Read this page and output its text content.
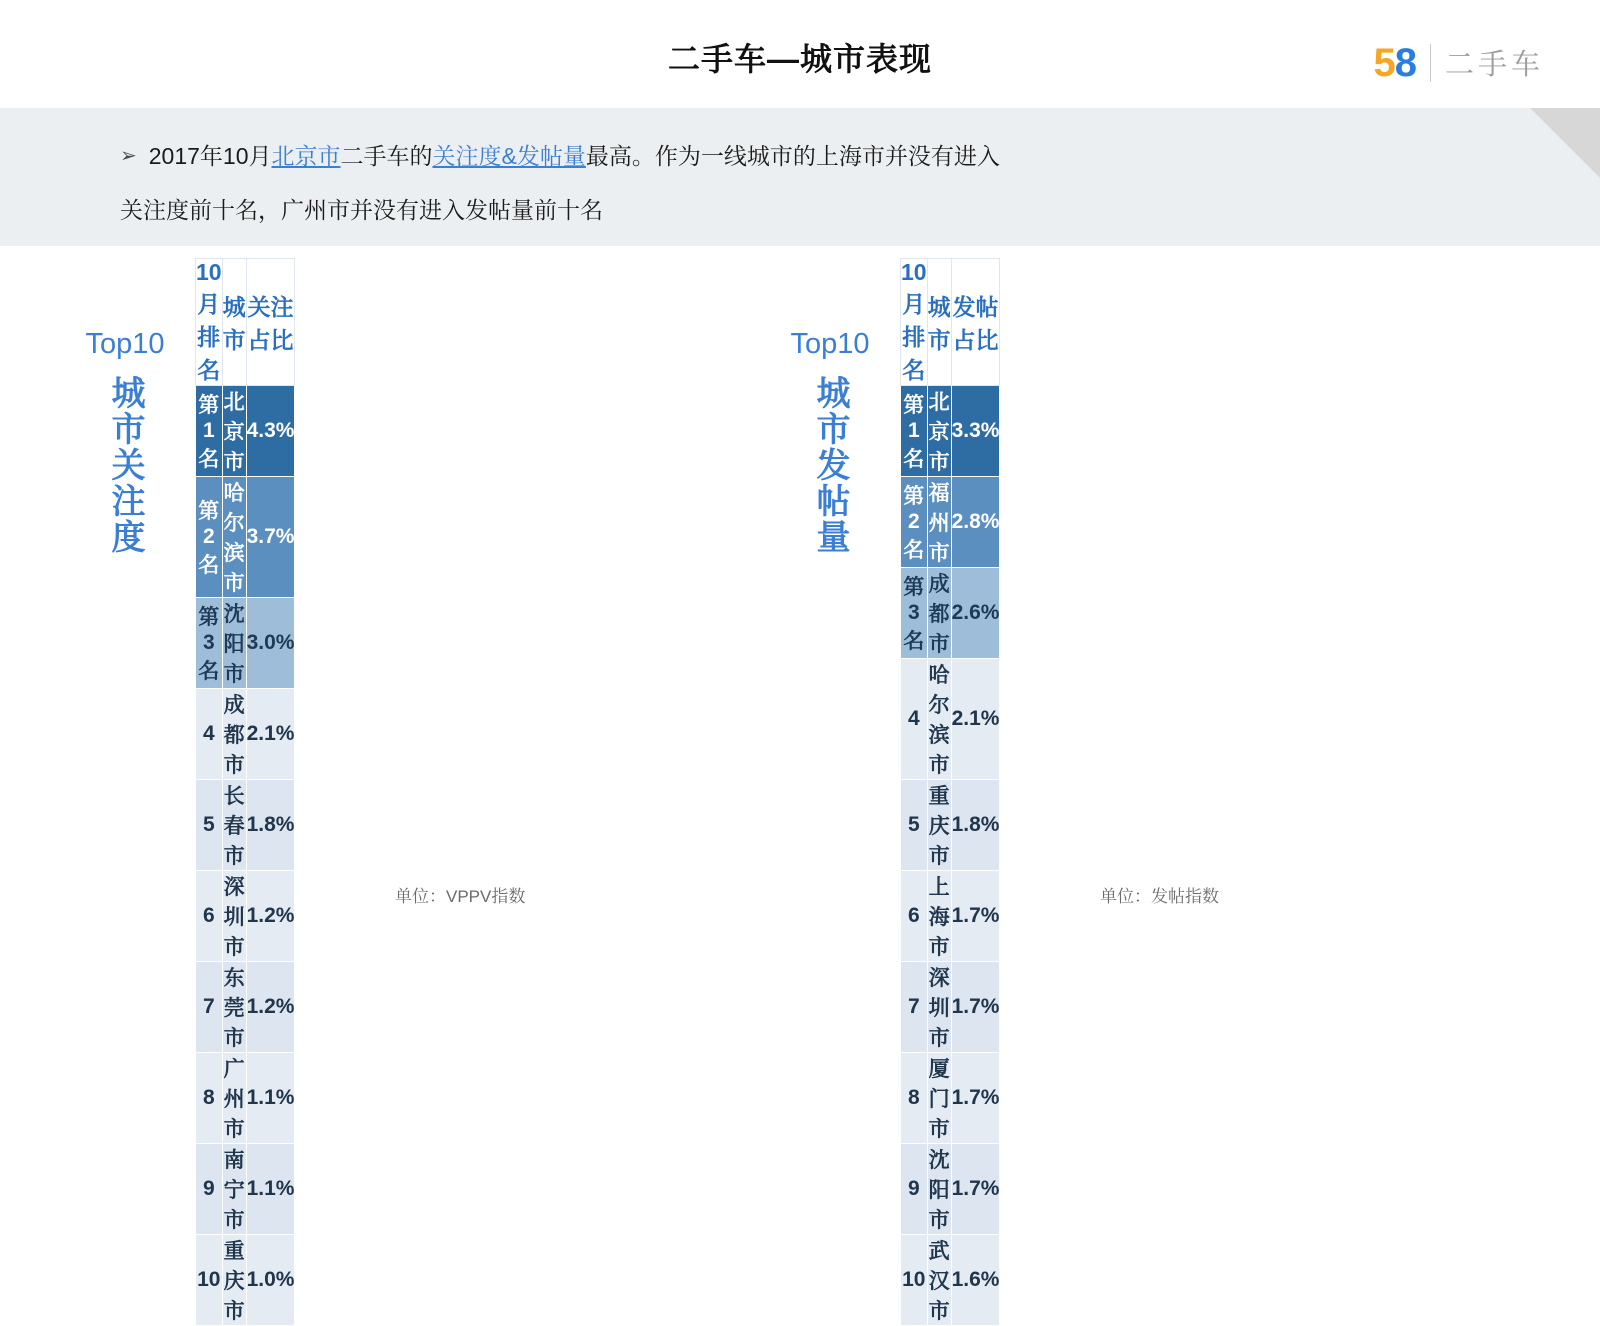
二手车—城市表现	58 二手车
➢ 2017年10月北京市二手车的关注度&发帖量最高。作为一线城市的上海市并没有进入
关注度前十名，广州市并没有进入发帖量前十名
Top10
城市关注度
10月排名	城市	关注占比
第1名	北京市	4.3%
第2名	哈尔滨市	3.7%
第3名	沈阳市	3.0%
4	成都市	2.1%
5	长春市	1.8%
6	深圳市	1.2%
7	东莞市	1.2%
8	广州市	1.1%
9	南宁市	1.1%
10	重庆市	1.0%
Top10
城市发帖量
10月排名	城市	发帖占比
第1名	北京市	3.3%
第2名	福州市	2.8%
第3名	成都市	2.6%
4	哈尔滨市	2.1%
5	重庆市	1.8%
6	上海市	1.7%
7	深圳市	1.7%
8	厦门市	1.7%
9	沈阳市	1.7%
10	武汉市	1.6%
单位：VPPV指数	单位：发帖指数
